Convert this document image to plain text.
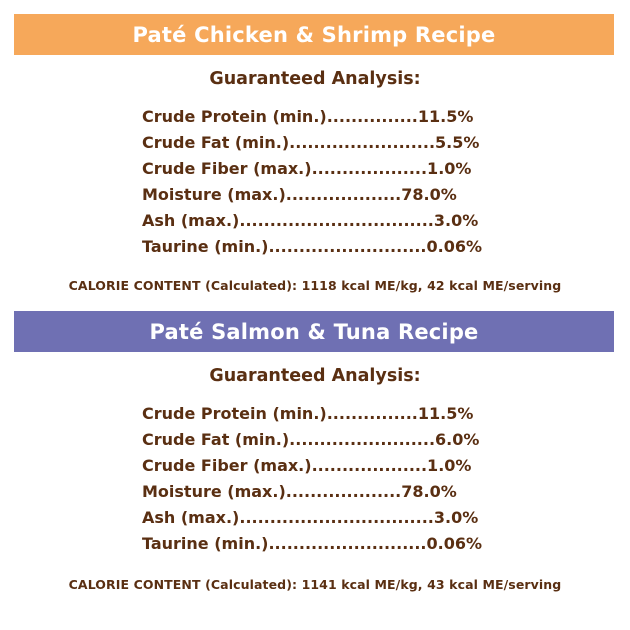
Paté Chicken & Shrimp Recipe
Guaranteed Analysis:
Crude Protein (min.)...............11.5%
Crude Fat (min.)........................5.5%
Crude Fiber (max.)...................1.0%
Moisture (max.)...................78.0%
Ash (max.)................................3.0%
Taurine (min.)..........................0.06%
CALORIE CONTENT (Calculated): 1118 kcal ME/kg, 42 kcal ME/serving
Paté Salmon & Tuna Recipe
Guaranteed Analysis:
Crude Protein (min.)...............11.5%
Crude Fat (min.)........................6.0%
Crude Fiber (max.)...................1.0%
Moisture (max.)...................78.0%
Ash (max.)................................3.0%
Taurine (min.)..........................0.06%
CALORIE CONTENT (Calculated): 1141 kcal ME/kg, 43 kcal ME/serving
